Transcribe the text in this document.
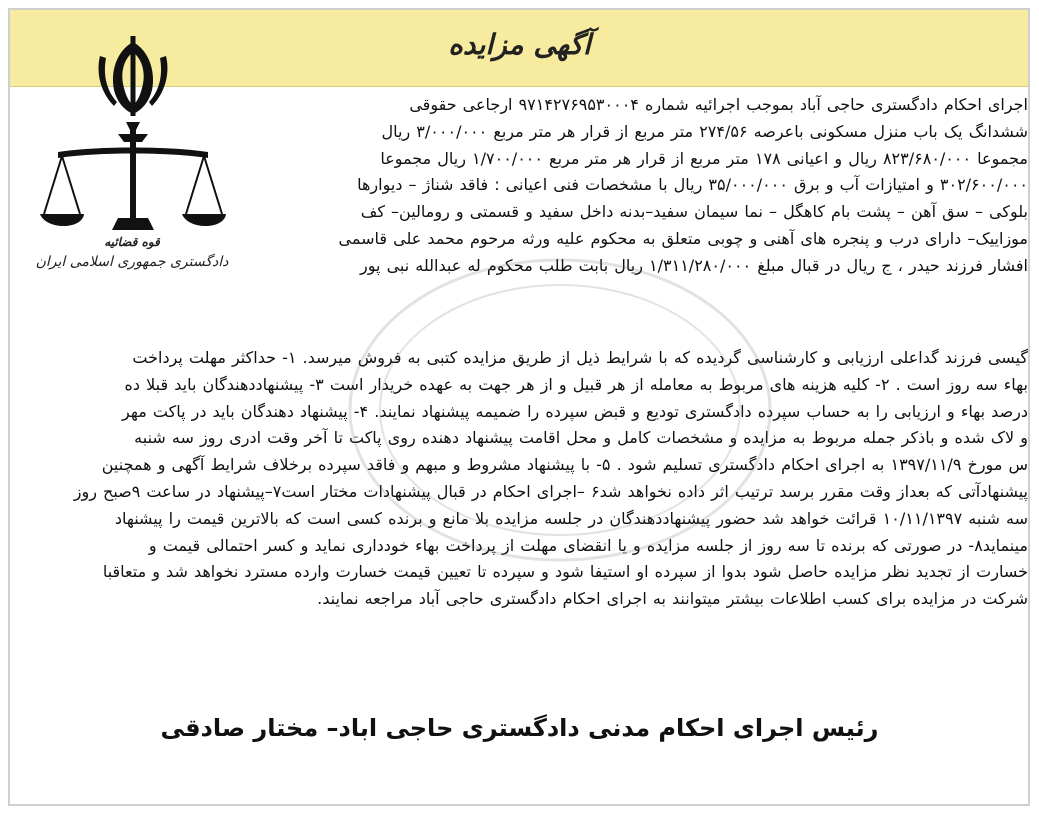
آگهی مزایده
قوه قضائیه
دادگستری جمهوری اسلامی ایران
اجرای احکام دادگستری حاجی آباد بموجب اجرائیه شماره ۹۷۱۴۲۷۶۹۵۳۰۰۰۴ ارجاعی حقوقی
ششدانگ یک باب منزل مسکونی باعرصه ۲۷۴/۵۶ متر مربع از قرار هر متر مربع ۳/۰۰۰/۰۰۰ ریال
مجموعا ۸۲۳/۶۸۰/۰۰۰ ریال و اعیانی ۱۷۸ متر مربع از قرار هر متر مربع ۱/۷۰۰/۰۰۰ ریال مجموعا
۳۰۲/۶۰۰/۰۰۰ و امتیازات آب و برق ۳۵/۰۰۰/۰۰۰ ریال با مشخصات فنی اعیانی : فاقد شناژ – دیوارها
بلوکی – سق آهن – پشت بام کاهگل – نما سیمان سفید–بدنه داخل سفید و قسمتی و رومالین– کف
موزاییک– دارای درب و پنجره های آهنی و چوبی متعلق به محکوم علیه ورثه مرحوم محمد علی قاسمی
افشار فرزند حیدر ، ج ریال در قبال مبلغ ۱/۳۱۱/۲۸۰/۰۰۰ ریال بابت طلب محکوم له عبدالله نبی پور
گیسی فرزند گداعلی ارزیابی و کارشناسی گردیده که با شرایط ذیل از طریق مزایده کتبی به فروش میرسد. ۱- حداکثر مهلت پرداخت
بهاء سه روز است . ۲- کلیه هزینه های مربوط به معامله از هر قبیل و از هر جهت به عهده خریدار است ۳- پیشنهاددهندگان باید قبلا ده
درصد بهاء و ارزیابی را به حساب سپرده دادگستری تودیع و قبض سپرده را ضمیمه پیشنهاد نمایند. ۴- پیشنهاد دهندگان باید در پاکت مهر
و لاک شده و باذکر جمله مربوط به مزایده و مشخصات کامل و محل اقامت پیشنهاد دهنده روی پاکت تا آخر وقت ادری روز سه شنبه
س مورخ ۱۳۹۷/۱۱/۹ به اجرای احکام دادگستری تسلیم شود . ۵- با پیشنهاد مشروط و مبهم و فاقد سپرده برخلاف شرایط آگهی و همچنین
پیشنهادآتی که بعداز وقت مقرر برسد ترتیب اثر داده نخواهد شد۶ –اجرای احکام در قبال پیشنهادات مختار است۷–پیشنهاد در ساعت ۹صبح روز
سه شنبه ۱۰/۱۱/۱۳۹۷ قرائت خواهد شد حضور پیشنهاددهندگان در جلسه مزایده بلا مانع و برنده کسی است که بالاترین قیمت را پیشنهاد
مینماید۸- در صورتی که برنده تا سه روز از جلسه مزایده و یا انقضای مهلت از پرداخت بهاء خودداری نماید و کسر احتمالی قیمت و
خسارت از تجدید نظر مزایده حاصل شود بدوا از سپرده او استیفا شود و سپرده تا تعیین قیمت خسارت وارده مسترد نخواهد شد و متعاقبا
شرکت در مزایده برای کسب اطلاعات بیشتر میتوانند به اجرای احکام دادگستری حاجی آباد مراجعه نمایند.
رئیس اجرای احکام مدنی دادگستری حاجی اباد– مختار صادقی
